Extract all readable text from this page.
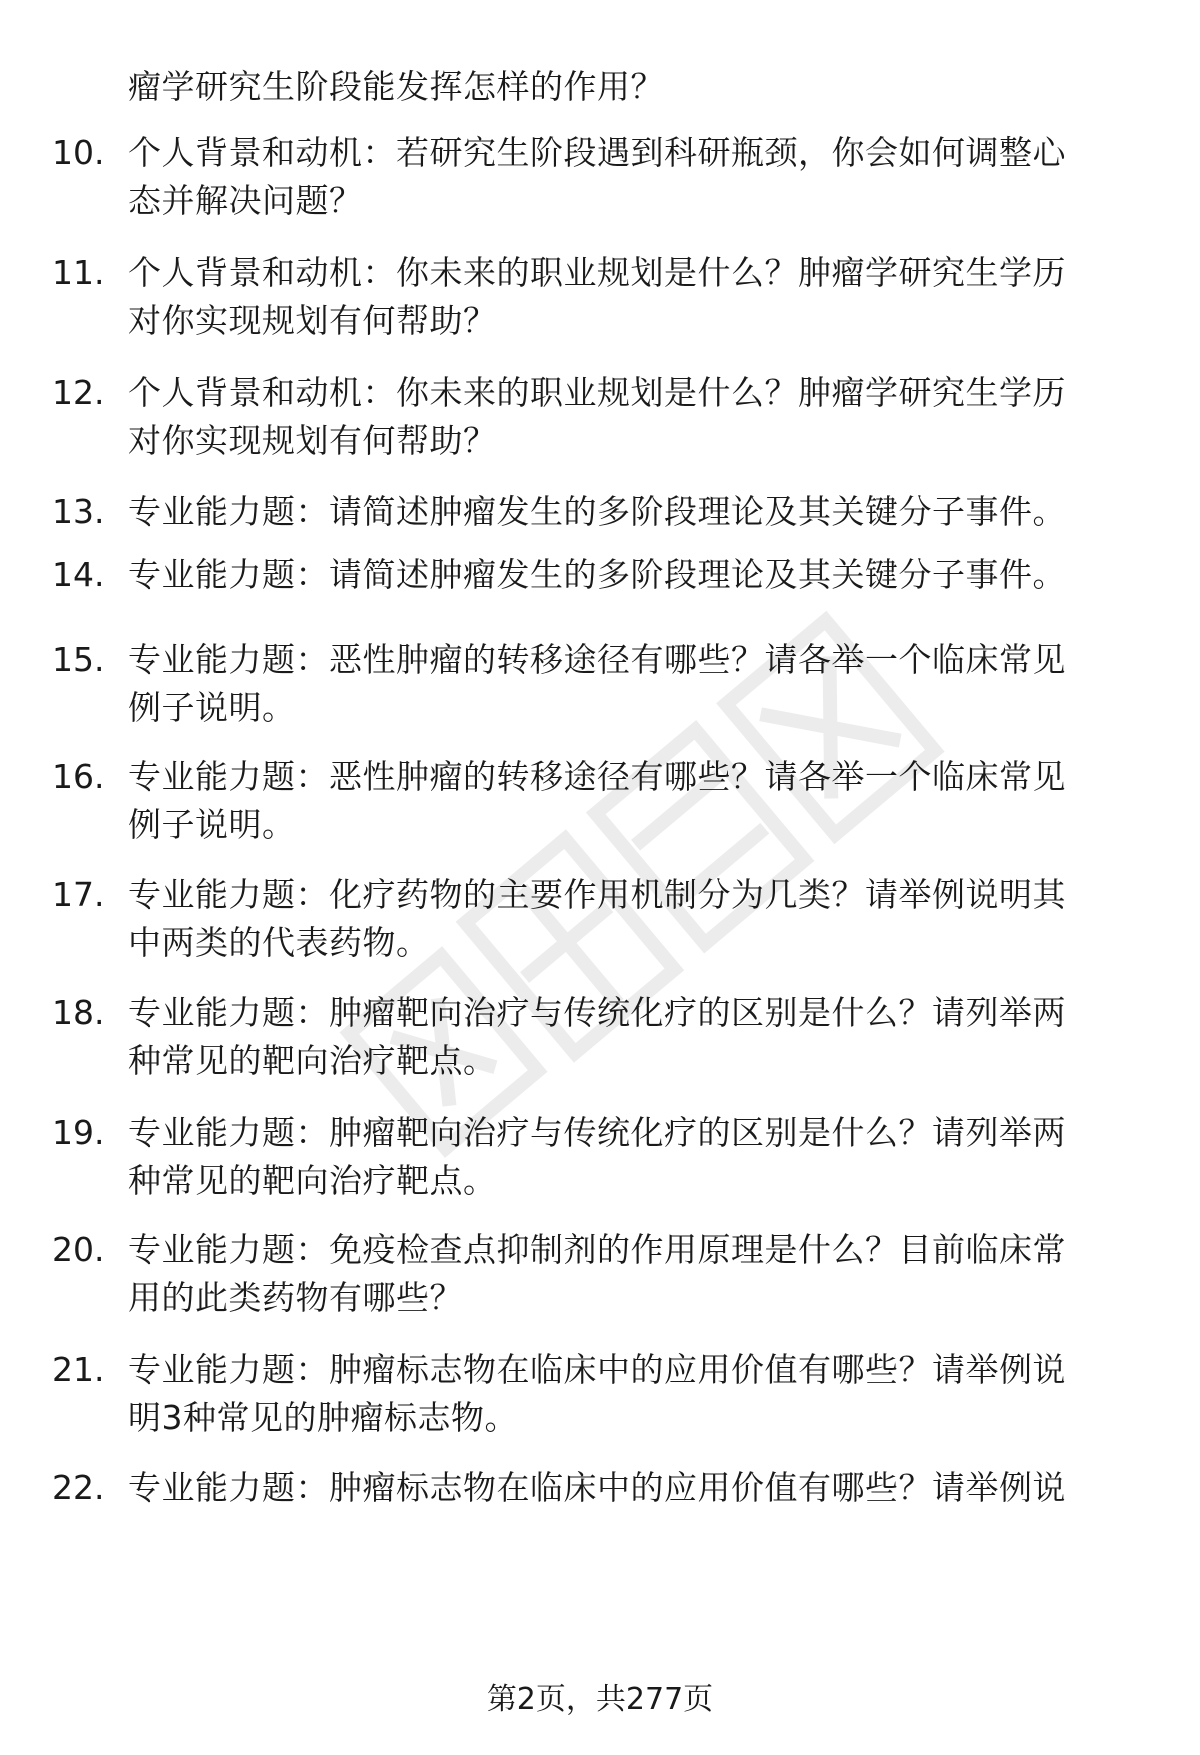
瘤学研究生阶段能发挥怎样的作用？
10. 个人背景和动机：若研究生阶段遇到科研瓶颈，你会如何调整心
态并解决问题？
11. 个人背景和动机：你未来的职业规划是什么？肿瘤学研究生学历
对你实现规划有何帮助？
12. 个人背景和动机：你未来的职业规划是什么？肿瘤学研究生学历
对你实现规划有何帮助？
13. 专业能力题：请简述肿瘤发生的多阶段理论及其关键分子事件。
14. 专业能力题：请简述肿瘤发生的多阶段理论及其关键分子事件。
15. 专业能力题：恶性肿瘤的转移途径有哪些？请各举一个临床常见
例子说明。
16. 专业能力题：恶性肿瘤的转移途径有哪些？请各举一个临床常见
例子说明。
17. 专业能力题：化疗药物的主要作用机制分为几类？请举例说明其
中两类的代表药物。
18. 专业能力题：肿瘤靶向治疗与传统化疗的区别是什么？请列举两
种常见的靶向治疗靶点。
19. 专业能力题：肿瘤靶向治疗与传统化疗的区别是什么？请列举两
种常见的靶向治疗靶点。
20. 专业能力题：免疫检查点抑制剂的作用原理是什么？目前临床常
用的此类药物有哪些？
21. 专业能力题：肿瘤标志物在临床中的应用价值有哪些？请举例说
明3种常见的肿瘤标志物。
22. 专业能力题：肿瘤标志物在临床中的应用价值有哪些？请举例说
第2页，共277页
